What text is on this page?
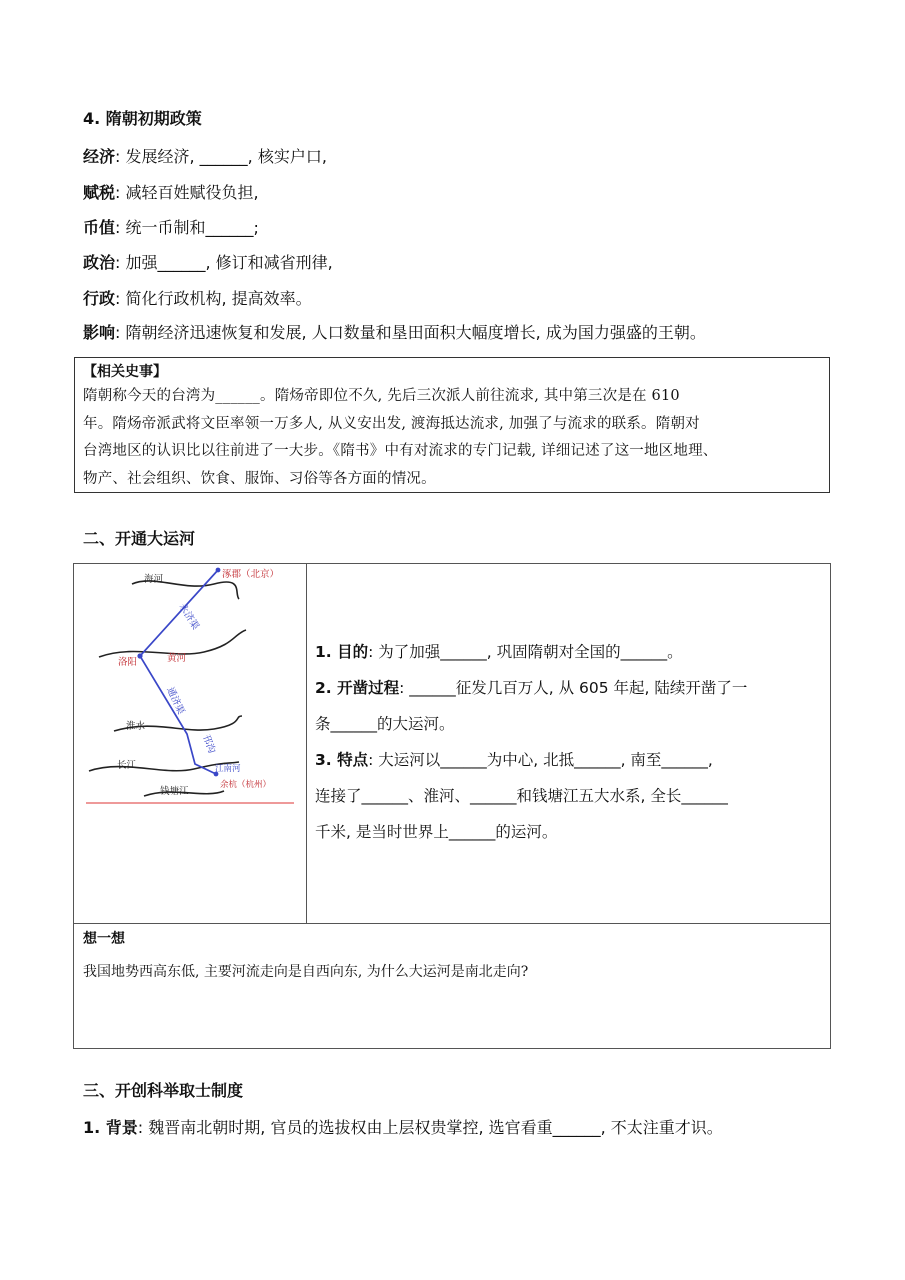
4. 隋朝初期政策
经济: 发展经济, ______, 核实户口,
赋税: 减轻百姓赋役负担,
币值: 统一币制和______;
政治: 加强______, 修订和减省刑律,
行政: 简化行政机构, 提高效率。
影响: 隋朝经济迅速恢复和发展, 人口数量和垦田面积大幅度增长, 成为国力强盛的王朝。
【相关史事】
隋朝称今天的台湾为______。隋炀帝即位不久, 先后三次派人前往流求, 其中第三次是在 610
年。隋炀帝派武将文臣率领一万多人, 从义安出发, 渡海抵达流求, 加强了与流求的联系。隋朝对
台湾地区的认识比以往前进了一大步。《隋书》中有对流求的专门记载, 详细记述了这一地区地理、
物产、社会组织、饮食、服饰、习俗等各方面的情况。
二、开通大运河
海河	涿郡（北京）
永济渠
洛阳	黄河
通济渠
淮水
邗沟
长江	江南河
余杭（杭州）
钱塘江
1. 目的: 为了加强______, 巩固隋朝对全国的______。
2. 开凿过程: ______征发几百万人, 从 605 年起, 陆续开凿了一
条______的大运河。
3. 特点: 大运河以______为中心, 北抵______, 南至______,
连接了______、淮河、______和钱塘江五大水系, 全长______
千米, 是当时世界上______的运河。
想一想
我国地势西高东低, 主要河流走向是自西向东, 为什么大运河是南北走向?
三、开创科举取士制度
1. 背景: 魏晋南北朝时期, 官员的选拔权由上层权贵掌控, 选官看重______, 不太注重才识。
